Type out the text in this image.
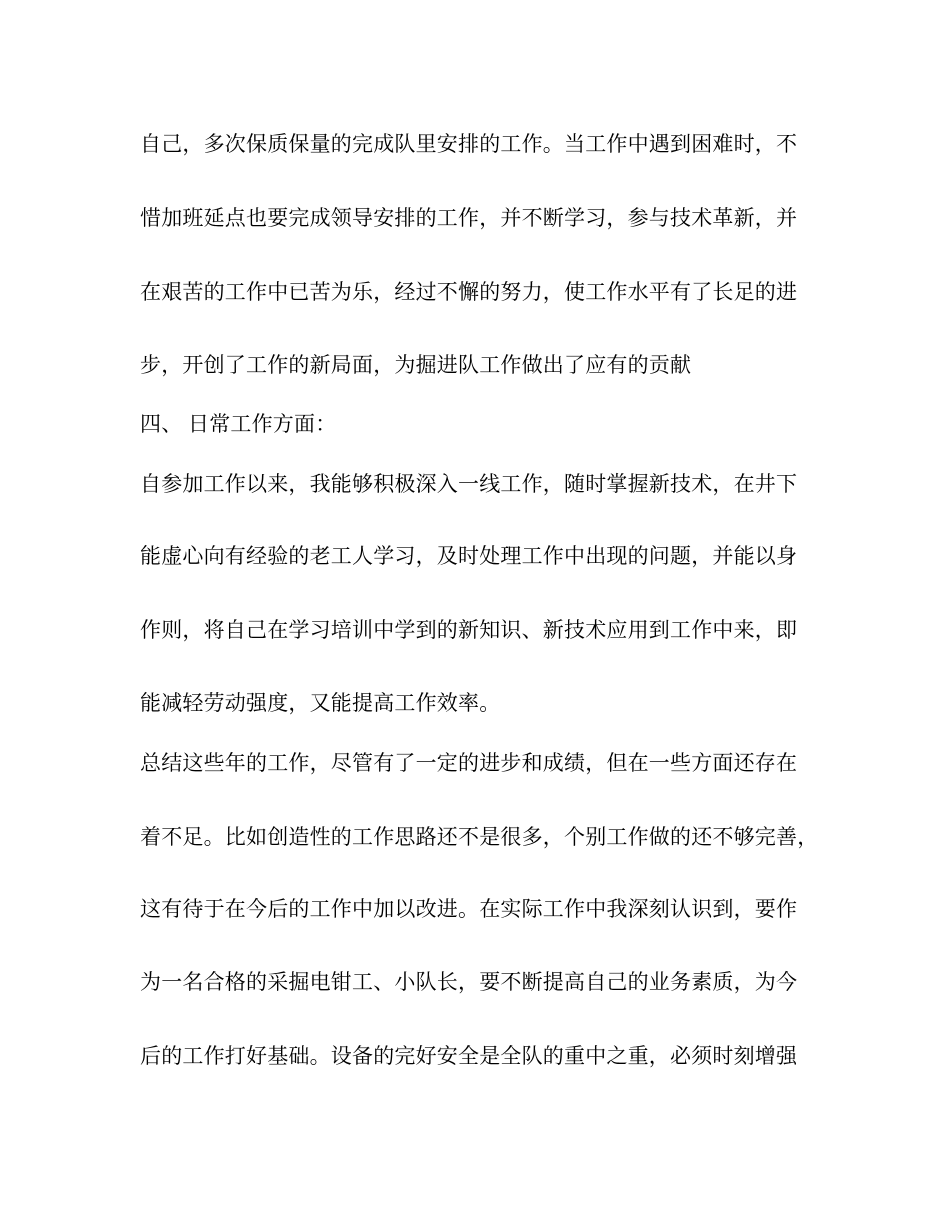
自己，多次保质保量的完成队里安排的工作。当工作中遇到困难时，不
惜加班延点也要完成领导安排的工作，并不断学习，参与技术革新，并
在艰苦的工作中已苦为乐，经过不懈的努力，使工作水平有了长足的进
步，开创了工作的新局面，为掘进队工作做出了应有的贡献
四、 日常工作方面：
自参加工作以来，我能够积极深入一线工作，随时掌握新技术，在井下
能虚心向有经验的老工人学习，及时处理工作中出现的问题，并能以身
作则，将自己在学习培训中学到的新知识、新技术应用到工作中来，即
能减轻劳动强度，又能提高工作效率。
总结这些年的工作，尽管有了一定的进步和成绩，但在一些方面还存在
着不足。比如创造性的工作思路还不是很多，个别工作做的还不够完善，
这有待于在今后的工作中加以改进。在实际工作中我深刻认识到，要作
为一名合格的采掘电钳工、小队长，要不断提高自己的业务素质，为今
后的工作打好基础。设备的完好安全是全队的重中之重，必须时刻增强
